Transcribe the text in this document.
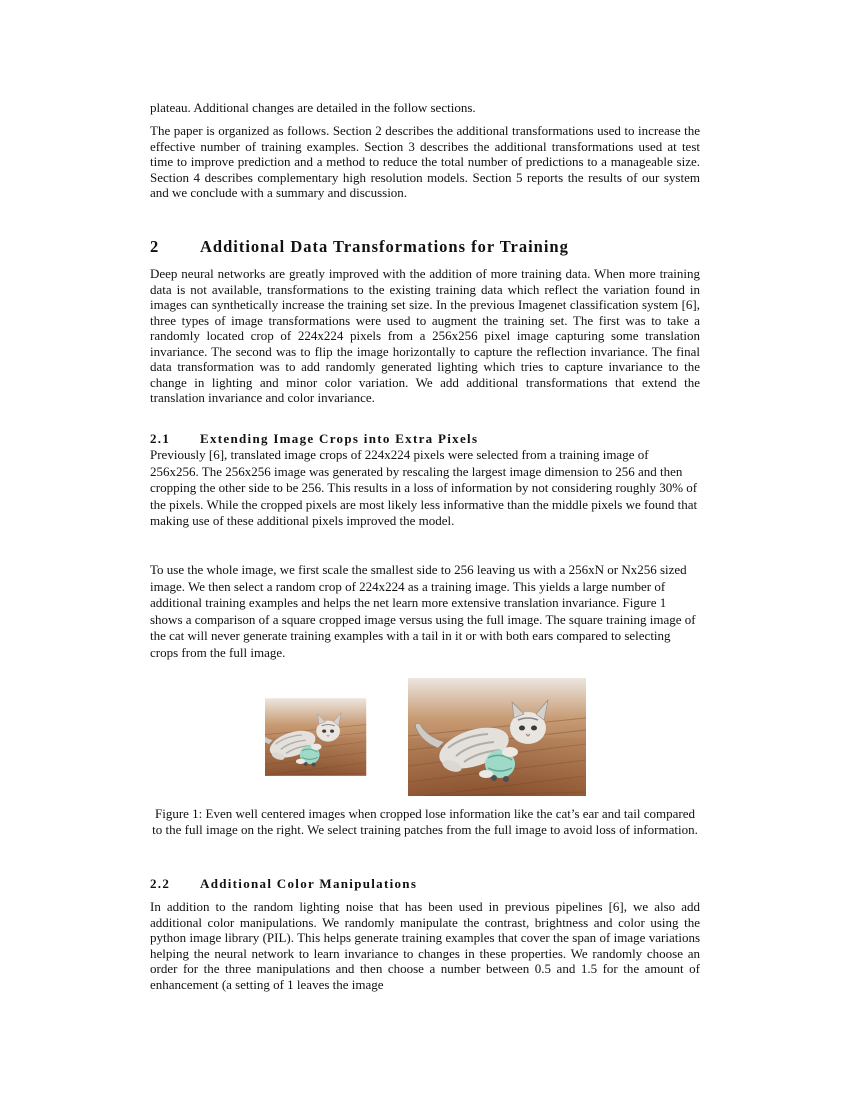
plateau. Additional changes are detailed in the follow sections.

The paper is organized as follows. Section 2 describes the additional transformations used to increase the effective number of training examples. Section 3 describes the additional transformations used at test time to improve prediction and a method to reduce the total number of predictions to a manageable size. Section 4 describes complementary high resolution models. Section 5 reports the results of our system and we conclude with a summary and discussion.

2 Additional Data Transformations for Training

Deep neural networks are greatly improved with the addition of more training data. When more training data is not available, transformations to the existing training data which reflect the variation found in images can synthetically increase the training set size. In the previous Imagenet classification system [6], three types of image transformations were used to augment the training set. The first was to take a randomly located crop of 224x224 pixels from a 256x256 pixel image capturing some translation invariance. The second was to flip the image horizontally to capture the reflection invariance. The final data transformation was to add randomly generated lighting which tries to capture invariance to the change in lighting and minor color variation. We add additional transformations that extend the translation invariance and color invariance.

2.1 Extending Image Crops into Extra Pixels

Previously [6], translated image crops of 224x224 pixels were selected from a training image of 256x256. The 256x256 image was generated by rescaling the largest image dimension to 256 and then cropping the other side to be 256. This results in a loss of information by not considering roughly 30% of the pixels. While the cropped pixels are most likely less informative than the middle pixels we found that making use of these additional pixels improved the model.

To use the whole image, we first scale the smallest side to 256 leaving us with a 256xN or Nx256 sized image. We then select a random crop of 224x224 as a training image. This yields a large number of additional training examples and helps the net learn more extensive translation invariance. Figure 1 shows a comparison of a square cropped image versus using the full image. The square training image of the cat will never generate training examples with a tail in it or with both ears compared to selecting crops from the full image.

Figure 1: Even well centered images when cropped lose information like the cat’s ear and tail compared to the full image on the right. We select training patches from the full image to avoid loss of information.

2.2 Additional Color Manipulations

In addition to the random lighting noise that has been used in previous pipelines [6], we also add additional color manipulations. We randomly manipulate the contrast, brightness and color using the python image library (PIL). This helps generate training examples that cover the span of image variations helping the neural network to learn invariance to changes in these properties. We randomly choose an order for the three manipulations and then choose a number between 0.5 and 1.5 for the amount of enhancement (a setting of 1 leaves the image
